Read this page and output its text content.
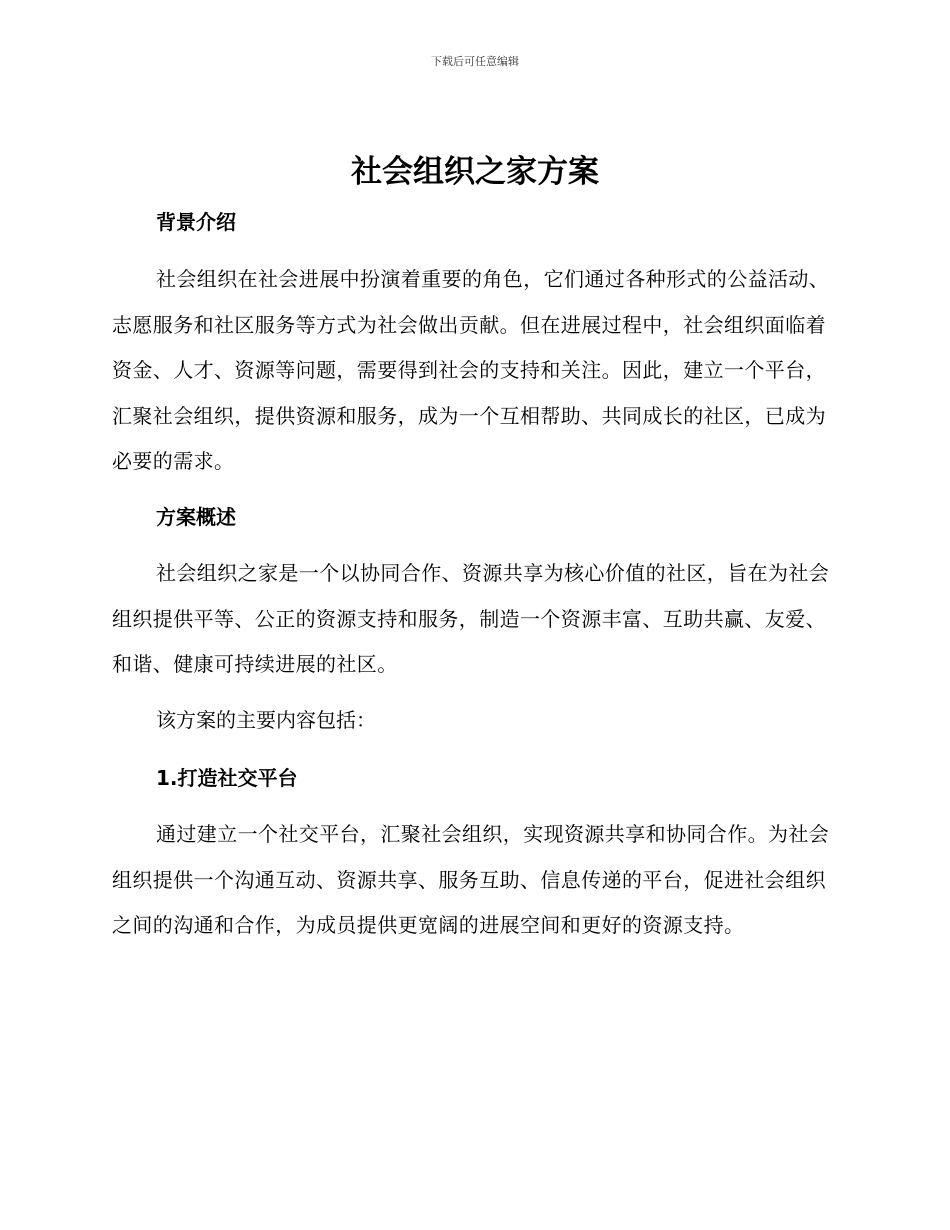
下载后可任意编辑
社会组织之家方案
背景介绍

社会组织在社会进展中扮演着重要的角色，它们通过各种形式的公益活动、志愿服务和社区服务等方式为社会做出贡献。但在进展过程中，社会组织面临着资金、人才、资源等问题，需要得到社会的支持和关注。因此，建立一个平台，汇聚社会组织，提供资源和服务，成为一个互相帮助、共同成长的社区，已成为必要的需求。

方案概述

社会组织之家是一个以协同合作、资源共享为核心价值的社区，旨在为社会组织提供平等、公正的资源支持和服务，制造一个资源丰富、互助共赢、友爱、和谐、健康可持续进展的社区。

该方案的主要内容包括：

1.打造社交平台

通过建立一个社交平台，汇聚社会组织，实现资源共享和协同合作。为社会组织提供一个沟通互动、资源共享、服务互助、信息传递的平台，促进社会组织之间的沟通和合作，为成员提供更宽阔的进展空间和更好的资源支持。
